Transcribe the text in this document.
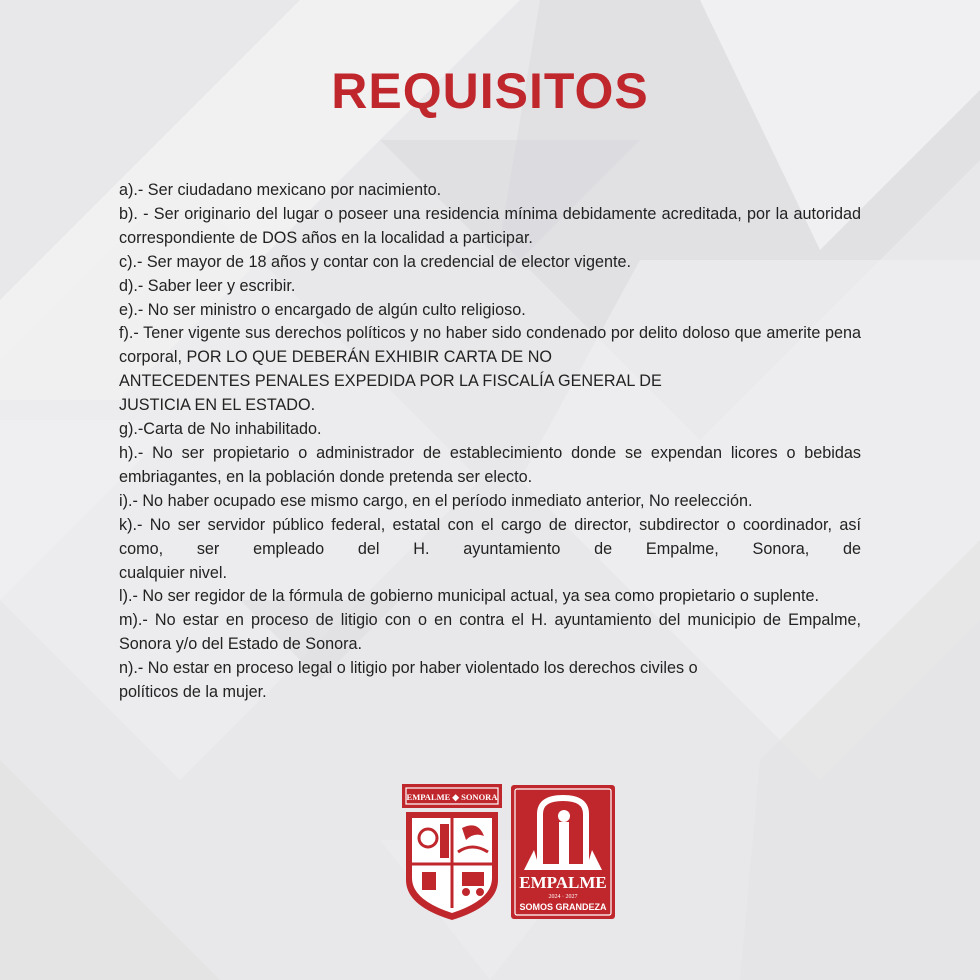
REQUISITOS
a).- Ser ciudadano mexicano por nacimiento.
b). - Ser originario del lugar o poseer una residencia mínima debidamente acreditada, por la autoridad correspondiente de DOS años en la localidad a participar.
c).- Ser mayor de 18 años y contar con la credencial de elector vigente.
d).- Saber leer y escribir.
e).- No ser ministro o encargado de algún culto religioso.
f).- Tener vigente sus derechos políticos y no haber sido condenado por delito doloso que amerite pena corporal, POR LO QUE DEBERÁN EXHIBIR CARTA DE NO
ANTECEDENTES PENALES EXPEDIDA POR LA FISCALÍA GENERAL DE
JUSTICIA EN EL ESTADO.
g).-Carta de No inhabilitado.
h).- No ser propietario o administrador de establecimiento donde se expendan licores o bebidas embriagantes, en la población donde pretenda ser electo.
i).- No haber ocupado ese mismo cargo, en el período inmediato anterior, No reelección.
k).- No ser servidor público federal, estatal con el cargo de director, subdirector o coordinador, así como, ser empleado del H. ayuntamiento de Empalme, Sonora, de
cualquier nivel.
l).- No ser regidor de la fórmula de gobierno municipal actual, ya sea como propietario o suplente.
m).- No estar en proceso de litigio con o en contra el H. ayuntamiento del municipio de Empalme, Sonora y/o del Estado de Sonora.
n).- No estar en proceso legal o litigio por haber violentado los derechos civiles o
políticos de la mujer.
EMPALME ◆ SONORA
EMPALME
2024 · 2027
SOMOS GRANDEZA
